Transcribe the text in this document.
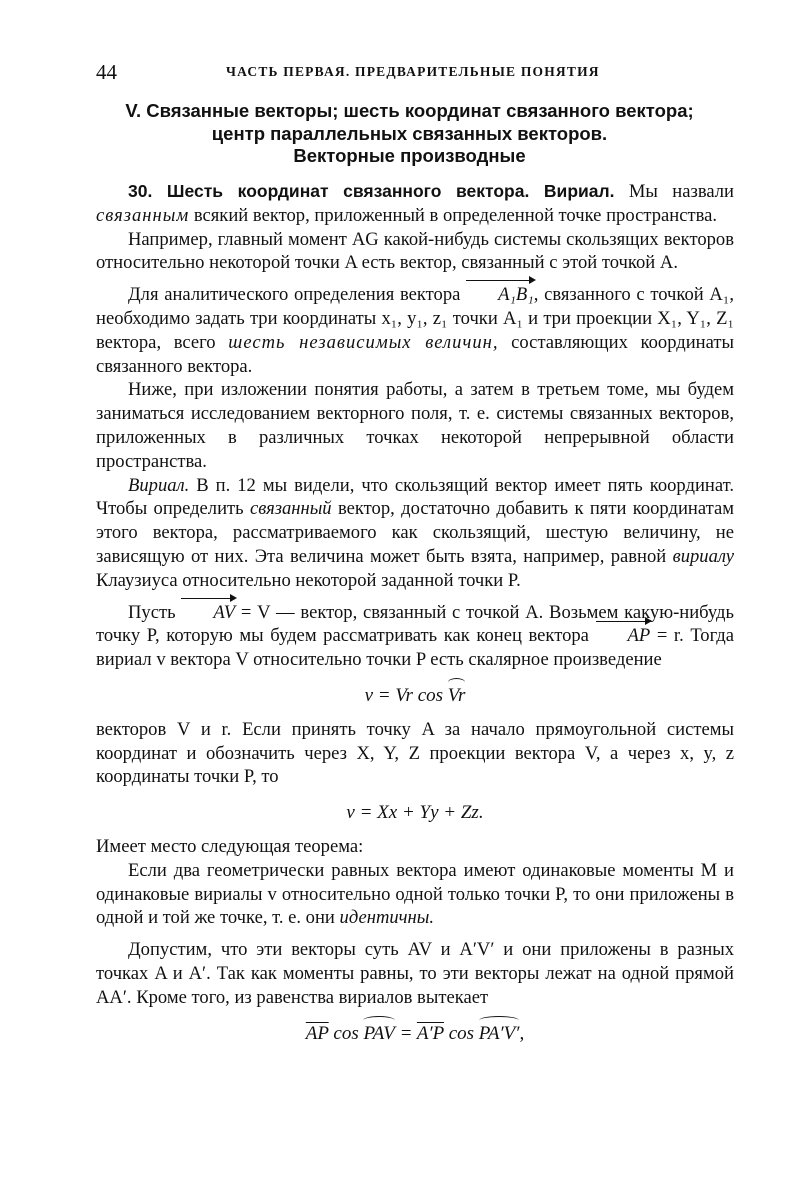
44	ЧАСТЬ ПЕРВАЯ. ПРЕДВАРИТЕЛЬНЫЕ ПОНЯТИЯ
V. Связанные векторы; шесть координат связанного вектора;
центр параллельных связанных векторов.
Векторные производные

30. Шесть координат связанного вектора. Вириал. Мы назвали связанным всякий вектор, приложенный в определенной точке пространства.

Например, главный момент AG какой-нибудь системы скользящих векторов относительно некоторой точки A есть вектор, связанный с этой точкой A.

Для аналитического определения вектора A₁B₁, связанного с точкой A₁, необходимо задать три координаты x₁, y₁, z₁ точки A₁ и три проекции X₁, Y₁, Z₁ вектора, всего шесть независимых величин, составляющих координаты связанного вектора.

Ниже, при изложении понятия работы, а затем в третьем томе, мы будем заниматься исследованием векторного поля, т. е. системы связанных векторов, приложенных в различных точках некоторой непрерывной области пространства.

Вириал. В п. 12 мы видели, что скользящий вектор имеет пять координат. Чтобы определить связанный вектор, достаточно добавить к пяти координатам этого вектора, рассматриваемого как скользящий, шестую величину, не зависящую от них. Эта величина может быть взята, например, равной вириалу Клаузиуса относительно некоторой заданной точки P.

Пусть AV = V — вектор, связанный с точкой A. Возьмем какую-нибудь точку P, которую мы будем рассматривать как конец вектора AP = r. Тогда вириал v вектора V относительно точки P есть скалярное произведение

v = Vr cos Vr

векторов V и r. Если принять точку A за начало прямоугольной системы координат и обозначить через X, Y, Z проекции вектора V, а через x, y, z координаты точки P, то

v = Xx + Yy + Zz.

Имеет место следующая теорема:

Если два геометрически равных вектора имеют одинаковые моменты M и одинаковые вириалы v относительно одной только точки P, то они приложены в одной и той же точке, т. е. они идентичны.

Допустим, что эти векторы суть AV и A′V′ и они приложены в разных точках A и A′. Так как моменты равны, то эти векторы лежат на одной прямой AA′. Кроме того, из равенства вириалов вытекает

$\overline{AP}$ cos PAV = A′P cos PA′V′,
